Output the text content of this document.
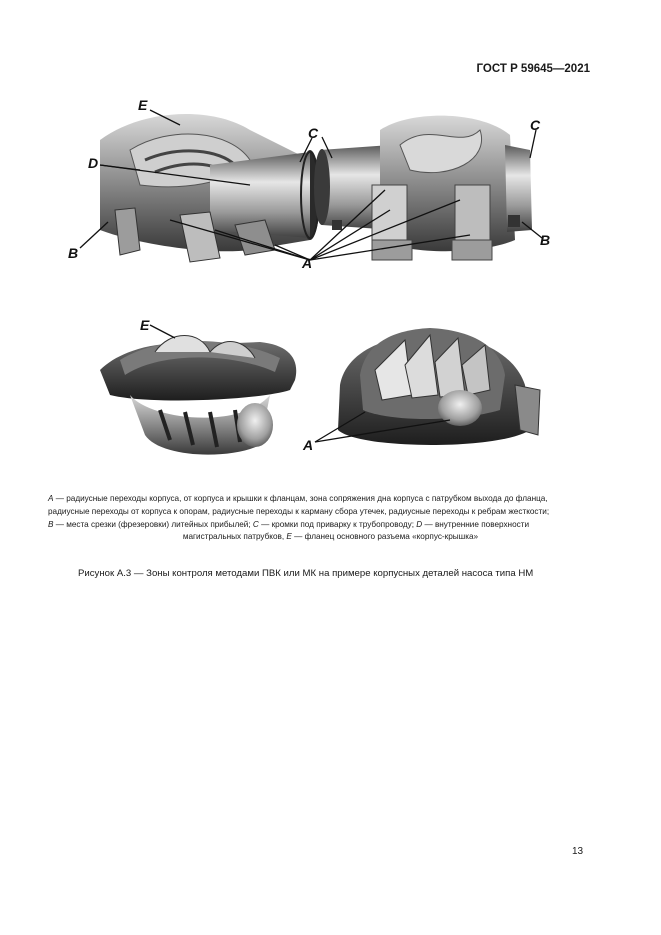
ГОСТ Р 59645—2021
E
D
B
C	C
B
A
E
A
А — радиусные переходы корпуса, от корпуса и крышки к фланцам, зона сопряжения дна корпуса с патрубком выхода до фланца,
радиусные переходы от корпуса к опорам, радиусные переходы к карману сбора утечек, радиусные переходы к ребрам жесткости;
В — места срезки (фрезеровки) литейных прибылей; С — кромки под приварку к трубопроводу; D — внутренние поверхности
магистральных патрубков, Е — фланец основного разъема «корпус-крышка»
Рисунок А.3 — Зоны контроля методами ПВК или МК на примере корпусных деталей насоса типа НМ
13
